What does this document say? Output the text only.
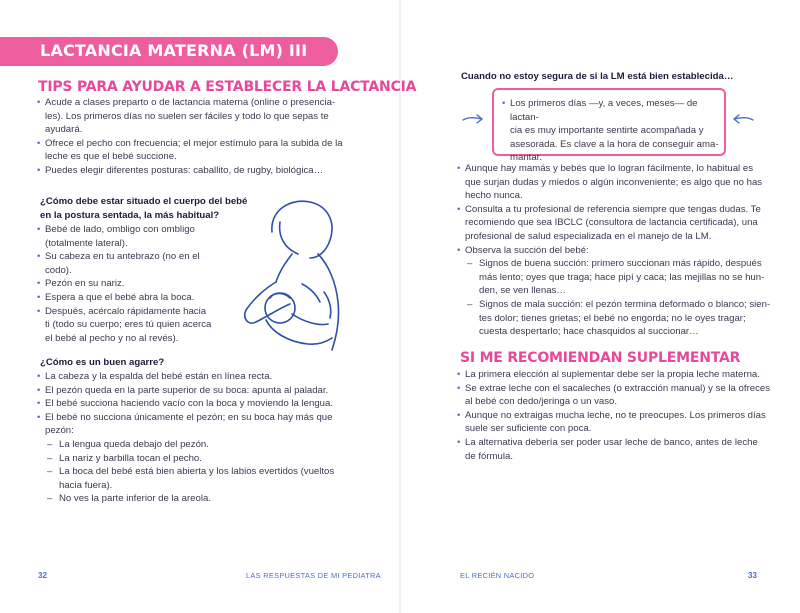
LACTANCIA MATERNA (LM) III
TIPS PARA AYUDAR A ESTABLECER LA LACTANCIA
• Acude a clases preparto o de lactancia materna (online o presencia-
les). Los primeros días no suelen ser fáciles y todo lo que sepas te
ayudará.
• Ofrece el pecho con frecuencia; el mejor estímulo para la subida de la
leche es que el bebé succione.
• Puedes elegir diferentes posturas: caballito, de rugby, biológica…
¿Cómo debe estar situado el cuerpo del bebé
en la postura sentada, la más habitual?
• Bebé de lado, ombligo con ombligo
(totalmente lateral).
• Su cabeza en tu antebrazo (no en el
codo).
• Pezón en su nariz.
• Espera a que el bebé abra la boca.
• Después, acércalo rápidamente hacia
ti (todo su cuerpo; eres tú quien acerca
el bebé al pecho y no al revés).
¿Cómo es un buen agarre?
• La cabeza y la espalda del bebé están en línea recta.
• El pezón queda en la parte superior de su boca: apunta al paladar.
• El bebé succiona haciendo vacío con la boca y moviendo la lengua.
• El bebé no succiona únicamente el pezón; en su boca hay más que
pezón:
– La lengua queda debajo del pezón.
– La nariz y barbilla tocan el pecho.
– La boca del bebé está bien abierta y los labios evertidos (vueltos
hacia fuera).
– No ves la parte inferior de la areola.
32	LAS RESPUESTAS DE MI PEDIATRA
Cuando no estoy segura de si la LM está bien establecida…
• Los primeros días —y, a veces, meses— de lactan-
cia es muy importante sentirte acompañada y
asesorada. Es clave a la hora de conseguir ama-
mantar.
• Aunque hay mamás y bebés que lo logran fácilmente, lo habitual es
que surjan dudas y miedos o algún inconveniente; es algo que no has
hecho nunca.
• Consulta a tu profesional de referencia siempre que tengas dudas. Te
recomiendo que sea IBCLC (consultora de lactancia certificada), una
profesional de salud especializada en el manejo de la LM.
• Observa la succión del bebé:
– Signos de buena succión: primero succionan más rápido, después
más lento; oyes que traga; hace pipí y caca; las mejillas no se hun-
den, se ven llenas…
– Signos de mala succión: el pezón termina deformado o blanco; sien-
tes dolor; tienes grietas; el bebé no engorda; no le oyes tragar;
cuesta despertarlo; hace chasquidos al succionar…
SI ME RECOMIENDAN SUPLEMENTAR
• La primera elección al suplementar debe ser la propia leche materna.
• Se extrae leche con el sacaleches (o extracción manual) y se la ofreces
al bebé con dedo/jeringa o un vaso.
• Aunque no extraigas mucha leche, no te preocupes. Los primeros días
suele ser suficiente con poca.
• La alternativa debería ser poder usar leche de banco, antes de leche
de fórmula.
EL RECIÉN NACIDO	33
